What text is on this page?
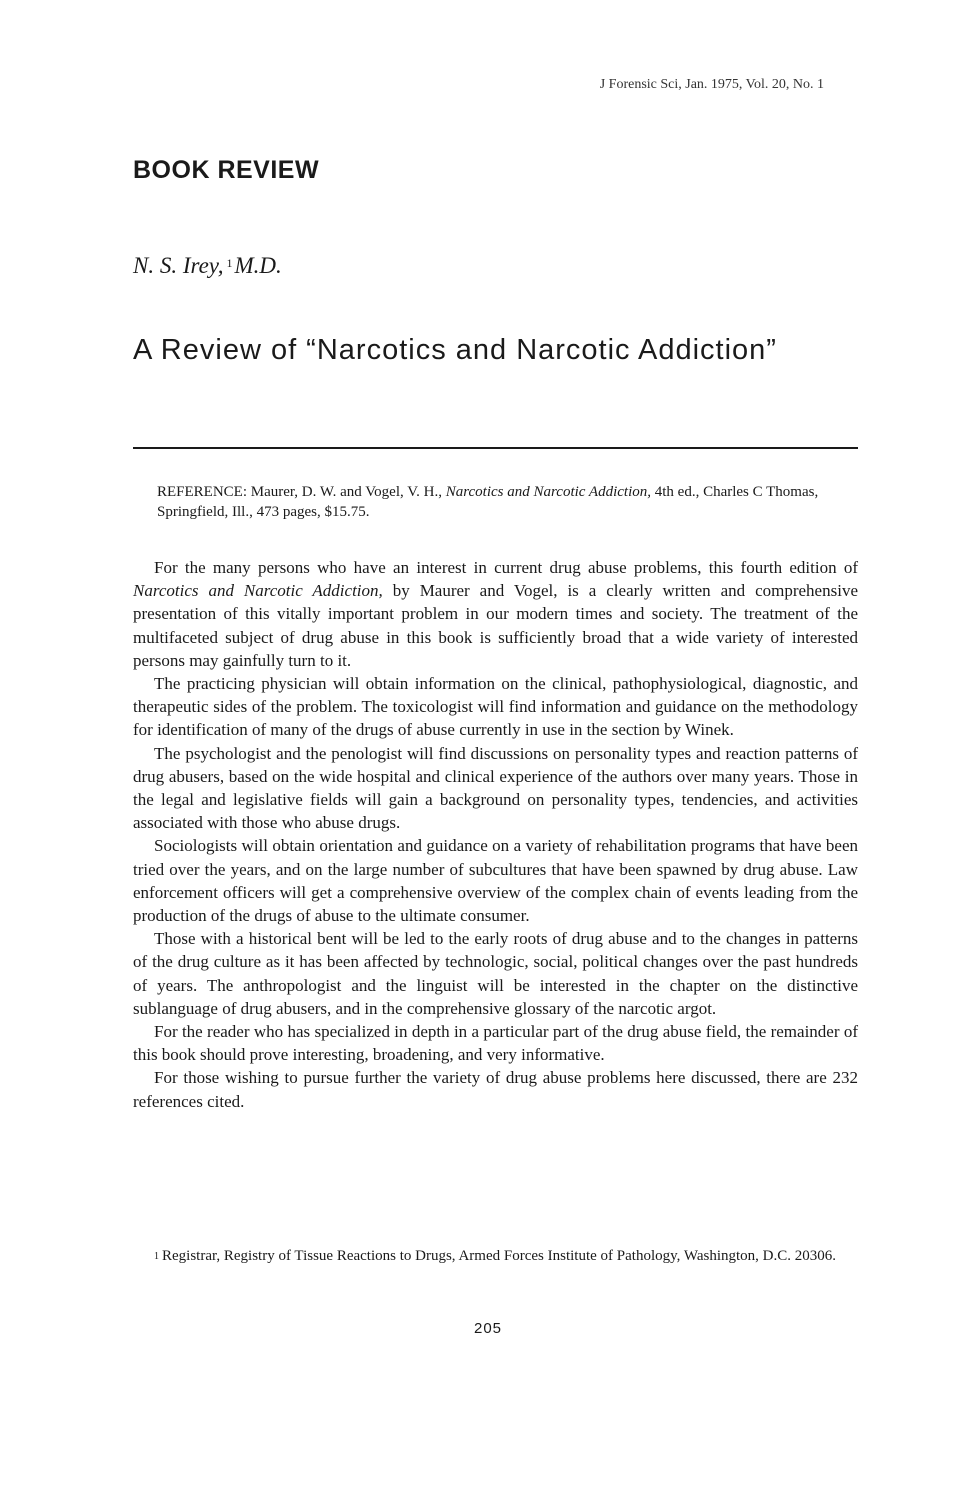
J Forensic Sci, Jan. 1975, Vol. 20, No. 1
BOOK REVIEW
N. S. Irey, $^1$M.D.
A Review of “Narcotics and Narcotic Addiction”
REFERENCE: Maurer, D. W. and Vogel, V. H., Narcotics and Narcotic Addiction, 4th ed., Charles C Thomas, Springfield, Ill., 473 pages, $15.75.

For the many persons who have an interest in current drug abuse problems, this fourth edition of Narcotics and Narcotic Addiction, by Maurer and Vogel, is a clearly written and comprehensive presentation of this vitally important problem in our modern times and society. The treatment of the multifaceted subject of drug abuse in this book is sufficiently broad that a wide variety of interested persons may gainfully turn to it.

The practicing physician will obtain information on the clinical, pathophysiological, diagnostic, and therapeutic sides of the problem. The toxicologist will find information and guidance on the methodology for identification of many of the drugs of abuse currently in use in the section by Winek.

The psychologist and the penologist will find discussions on personality types and reaction patterns of drug abusers, based on the wide hospital and clinical experience of the authors over many years. Those in the legal and legislative fields will gain a background on personality types, tendencies, and activities associated with those who abuse drugs.

Sociologists will obtain orientation and guidance on a variety of rehabilitation programs that have been tried over the years, and on the large number of subcultures that have been spawned by drug abuse. Law enforcement officers will get a comprehensive overview of the complex chain of events leading from the production of the drugs of abuse to the ultimate consumer.

Those with a historical bent will be led to the early roots of drug abuse and to the changes in patterns of the drug culture as it has been affected by technologic, social, political changes over the past hundreds of years. The anthropologist and the linguist will be interested in the chapter on the distinctive sublanguage of drug abusers, and in the comprehensive glossary of the narcotic argot.

For the reader who has specialized in depth in a particular part of the drug abuse field, the remainder of this book should prove interesting, broadening, and very informative.

For those wishing to pursue further the variety of drug abuse problems here discussed, there are 232 references cited.

$^1$ Registrar, Registry of Tissue Reactions to Drugs, Armed Forces Institute of Pathology, Washington, D.C. 20306.
205
